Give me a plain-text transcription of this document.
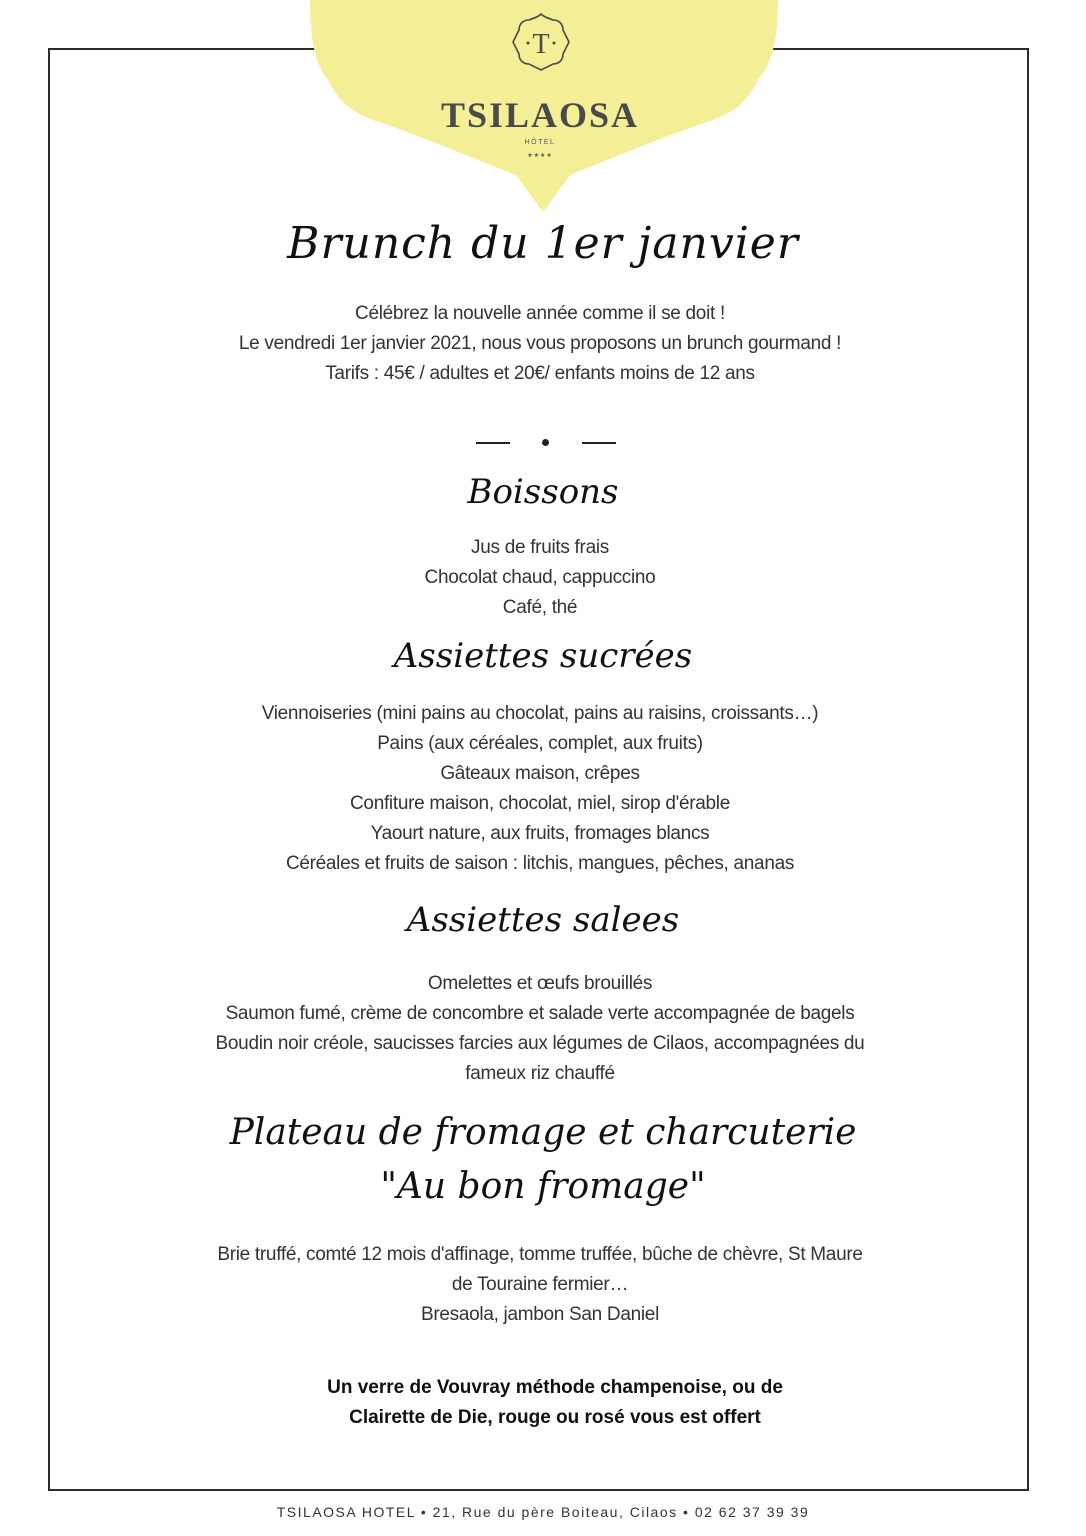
T
TSILAOSA
HÔTEL
★★★★
Brunch du 1er janvier
Célébrez la nouvelle année comme il se doit !
Le vendredi 1er janvier 2021, nous vous proposons un brunch gourmand !
Tarifs : 45€ / adultes et 20€/ enfants moins de 12 ans
Boissons
Jus de fruits frais
Chocolat chaud, cappuccino
Café, thé
Assiettes sucrées
Viennoiseries (mini pains au chocolat, pains au raisins, croissants…)
Pains (aux céréales, complet, aux fruits)
Gâteaux maison, crêpes
Confiture maison, chocolat, miel, sirop d'érable
Yaourt nature, aux fruits, fromages blancs
Céréales et fruits de saison : litchis, mangues, pêches, ananas
Assiettes salees
Omelettes et œufs brouillés
Saumon fumé, crème de concombre et salade verte accompagnée de bagels
Boudin noir créole, saucisses farcies aux légumes de Cilaos, accompagnées du
fameux riz chauffé
Plateau de fromage et charcuterie
"Au bon fromage"
Brie truffé, comté 12 mois d'affinage, tomme truffée, bûche de chèvre, St Maure
de Touraine fermier…
Bresaola, jambon San Daniel
Un verre de Vouvray méthode champenoise, ou de
Clairette de Die, rouge ou rosé vous est offert
TSILAOSA HOTEL • 21, Rue du père Boiteau, Cilaos • 02 62 37 39 39
